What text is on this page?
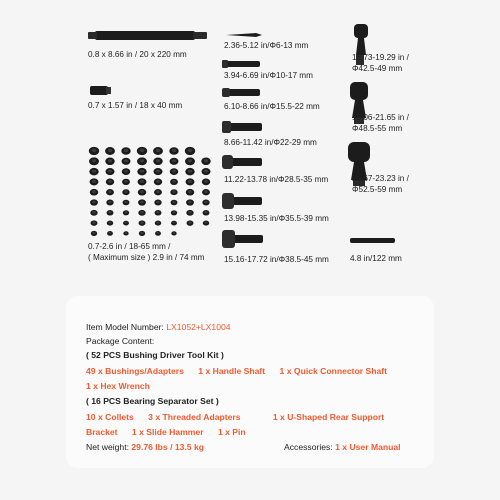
0.8 x 8.66 in / 20 x 220 mm
0.7 x 1.57 in / 18 x 40 mm
0.7-2.6 in / 18-65 mm /
( Maximum size ) 2.9 in / 74 mm
2.36-5.12 in/Φ6-13 mm
3.94-6.69 in/Φ10-17 mm
6.10-8.66 in/Φ15.5-22 mm
8.66-11.42 in/Φ22-29 mm
11.22-13.78 in/Φ28.5-35 mm
13.98-15.35 in/Φ35.5-39 mm
15.16-17.72 in/Φ38.5-45 mm
16.73-19.29 in /
Φ42.5-49 mm
19.06-21.65 in /
Φ48.5-55 mm
20.67-23.23 in /
Φ52.5-59 mm
4.8 in/122 mm
Item Model Number: LX1052+LX1004
Package Content:
( 52 PCS Bushing Driver Tool Kit )
49 x Bushings/Adapters 1 x Handle Shaft 1 x Quick Connector Shaft
1 x Hex Wrench
( 16 PCS Bearing Separator Set )
10 x Collets 3 x Threaded Adapters	1 x U-Shaped Rear Support
Bracket 1 x Slide Hammer 1 x Pin
Net weight: 29.76 lbs / 13.5 kg	Accessories: 1 x User Manual
